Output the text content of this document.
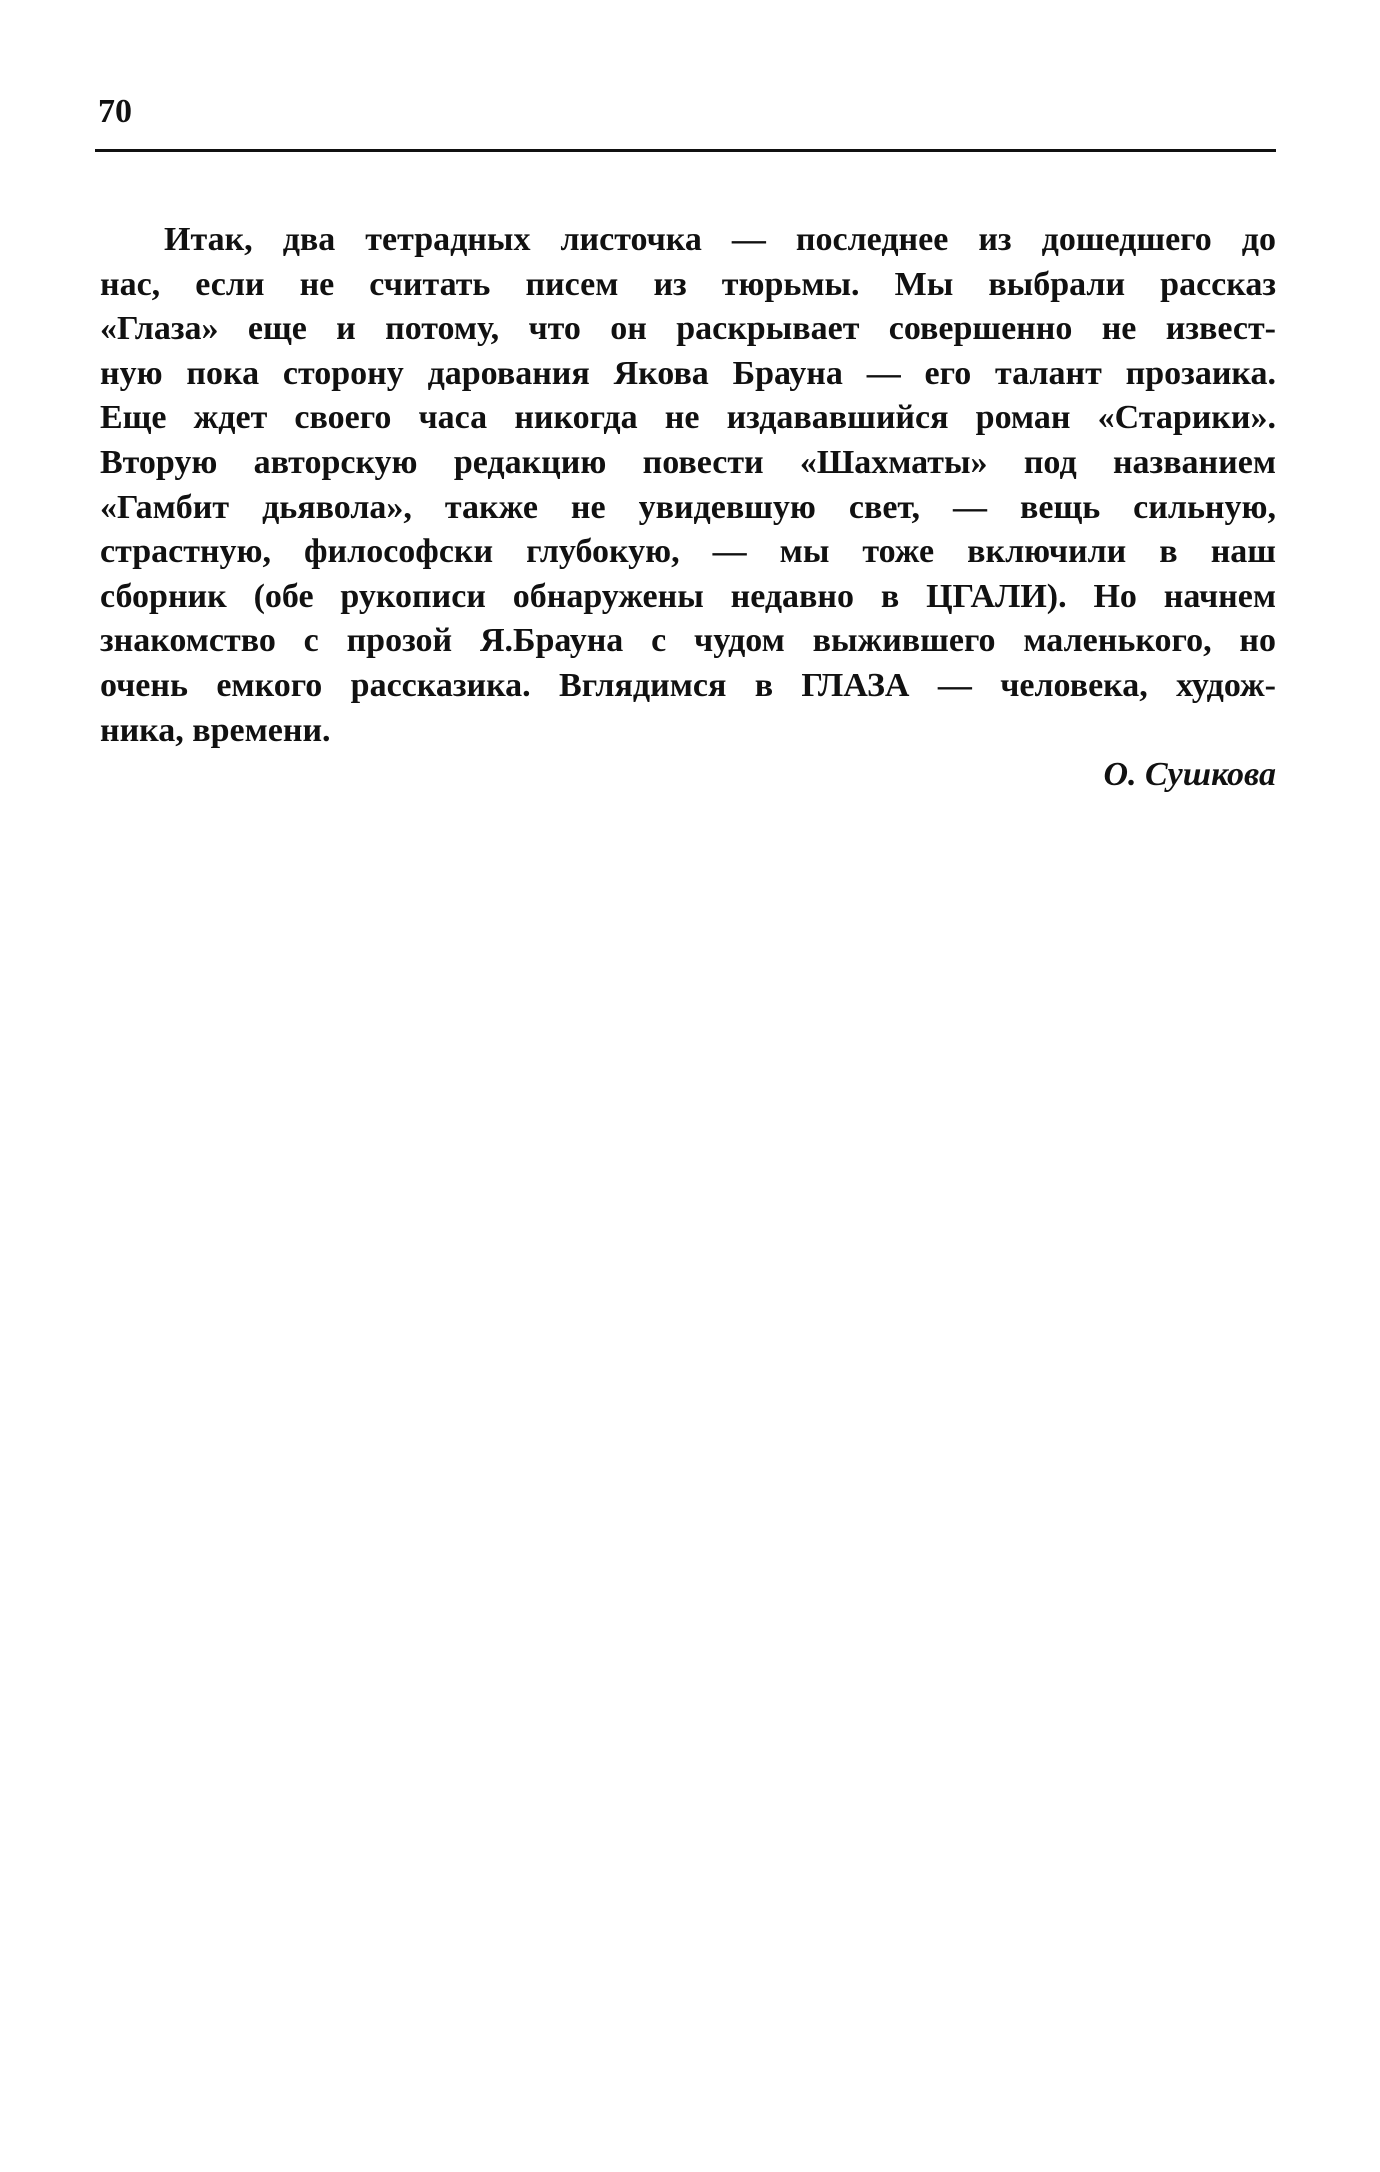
70
Итак, два тетрадных листочка — последнее из дошедшего до
нас, если не считать писем из тюрьмы. Мы выбрали рассказ
«Глаза» еще и потому, что он раскрывает совершенно не извест-
ную пока сторону дарования Якова Брауна — его талант прозаика.
Еще ждет своего часа никогда не издававшийся роман «Старики».
Вторую авторскую редакцию повести «Шахматы» под названием
«Гамбит дьявола», также не увидевшую свет, — вещь сильную,
страстную, философски глубокую, — мы тоже включили в наш
сборник (обе рукописи обнаружены недавно в ЦГАЛИ). Но начнем
знакомство с прозой Я.Брауна с чудом выжившего маленького, но
очень емкого рассказика. Вглядимся в ГЛАЗА — человека, худож-
ника, времени.
О. Сушкова
